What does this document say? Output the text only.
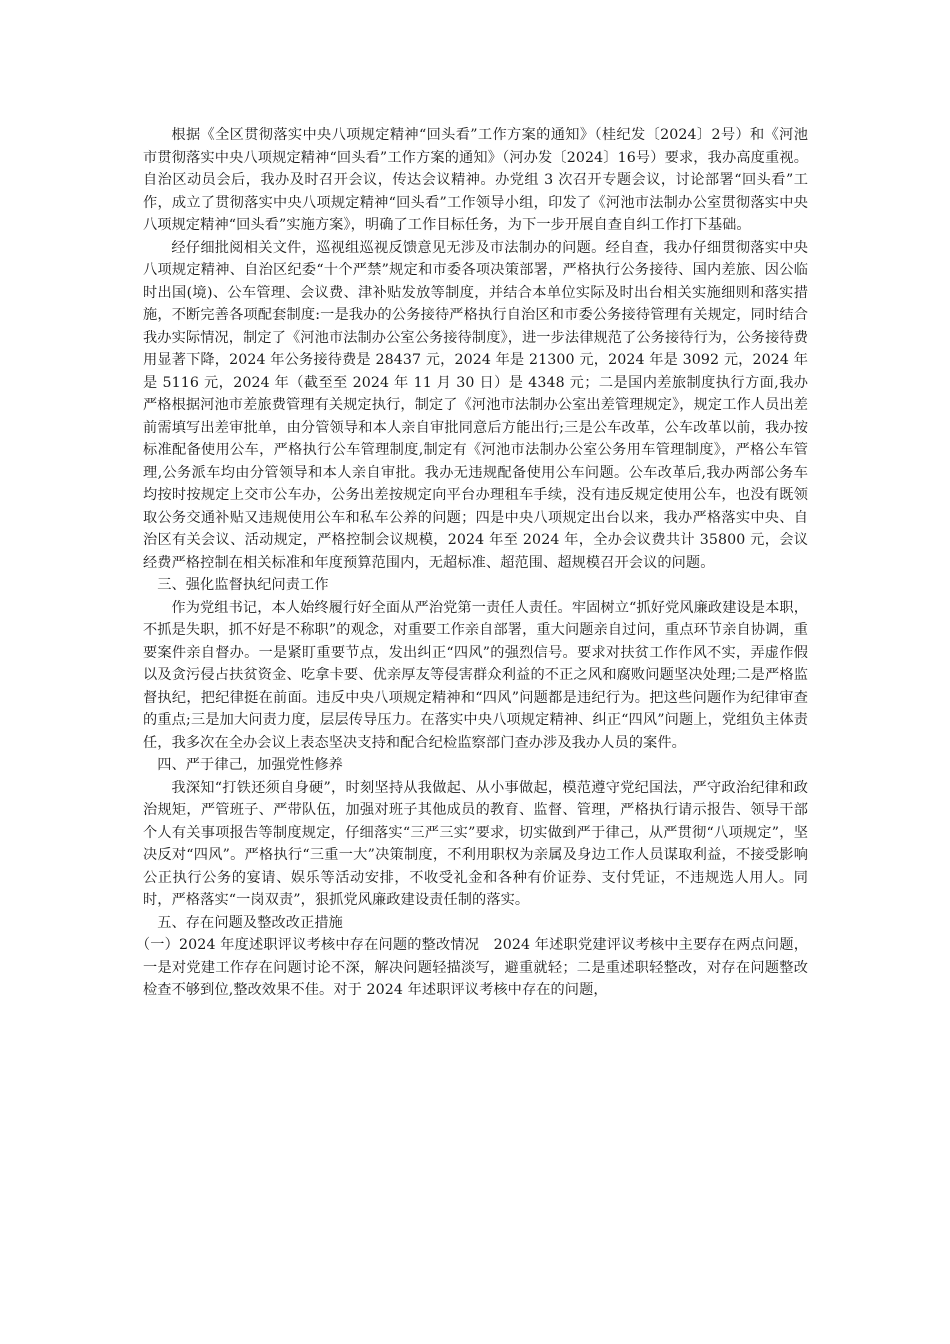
根据《全区贯彻落实中央八项规定精神“回头看”工作方案的通知》（桂纪发〔2024〕2号）和《河池市贯彻落实中央八项规定精神“回头看”工作方案的通知》（河办发〔2024〕16号）要求，我办高度重视。自治区动员会后，我办及时召开会议，传达会议精神。办党组 3 次召开专题会议，讨论部署“回头看”工作，成立了贯彻落实中央八项规定精神“回头看”工作领导小组，印发了《河池市法制办公室贯彻落实中央八项规定精神“回头看”实施方案》，明确了工作目标任务，为下一步开展自查自纠工作打下基础。

经仔细批阅相关文件，巡视组巡视反馈意见无涉及市法制办的问题。经自查，我办仔细贯彻落实中央八项规定精神、自治区纪委“十个严禁”规定和市委各项决策部署，严格执行公务接待、国内差旅、因公临时出国(境)、公车管理、会议费、津补贴发放等制度，并结合本单位实际及时出台相关实施细则和落实措施，不断完善各项配套制度:一是我办的公务接待严格执行自治区和市委公务接待管理有关规定，同时结合我办实际情况，制定了《河池市法制办公室公务接待制度》，进一步法律规范了公务接待行为，公务接待费用显著下降，2024 年公务接待费是 28437 元，2024 年是 21300 元，2024 年是 3092 元，2024 年是 5116 元，2024 年（截至至 2024 年 11 月 30 日）是 4348 元；二是国内差旅制度执行方面,我办严格根据河池市差旅费管理有关规定执行，制定了《河池市法制办公室出差管理规定》，规定工作人员出差前需填写出差审批单，由分管领导和本人亲自审批同意后方能出行;三是公车改革，公车改革以前，我办按标准配备使用公车，严格执行公车管理制度,制定有《河池市法制办公室公务用车管理制度》，严格公车管理,公务派车均由分管领导和本人亲自审批。我办无违规配备使用公车问题。公车改革后,我办两部公务车均按时按规定上交市公车办，公务出差按规定向平台办理租车手续，没有违反规定使用公车，也没有既领取公务交通补贴又违规使用公车和私车公养的问题；四是中央八项规定出台以来，我办严格落实中央、自治区有关会议、活动规定，严格控制会议规模，2024 年至 2024 年，全办会议费共计 35800 元，会议经费严格控制在相关标准和年度预算范围内，无超标准、超范围、超规模召开会议的问题。

三、强化监督执纪问责工作

作为党组书记，本人始终履行好全面从严治党第一责任人责任。牢固树立“抓好党风廉政建设是本职，不抓是失职，抓不好是不称职”的观念，对重要工作亲自部署，重大问题亲自过问，重点环节亲自协调，重要案件亲自督办。一是紧盯重要节点，发出纠正“四风”的强烈信号。要求对扶贫工作作风不实，弄虚作假以及贪污侵占扶贫资金、吃拿卡要、优亲厚友等侵害群众利益的不正之风和腐败问题坚决处理;二是严格监督执纪，把纪律挺在前面。违反中央八项规定精神和“四风”问题都是违纪行为。把这些问题作为纪律审查的重点;三是加大问责力度，层层传导压力。在落实中央八项规定精神、纠正“四风”问题上，党组负主体责任，我多次在全办会议上表态坚决支持和配合纪检监察部门查办涉及我办人员的案件。

四、严于律己，加强党性修养

我深知“打铁还须自身硬”，时刻坚持从我做起、从小事做起，模范遵守党纪国法，严守政治纪律和政治规矩，严管班子、严带队伍，加强对班子其他成员的教育、监督、管理，严格执行请示报告、领导干部个人有关事项报告等制度规定，仔细落实“三严三实”要求，切实做到严于律己，从严贯彻“八项规定”，坚决反对“四风”。严格执行“三重一大”决策制度，不利用职权为亲属及身边工作人员谋取利益，不接受影响公正执行公务的宴请、娱乐等活动安排，不收受礼金和各种有价证券、支付凭证，不违规选人用人。同时，严格落实“一岗双责”，狠抓党风廉政建设责任制的落实。

五、存在问题及整改改正措施

（一）2024 年度述职评议考核中存在问题的整改情况　2024 年述职党建评议考核中主要存在两点问题，一是对党建工作存在问题讨论不深，解决问题轻描淡写，避重就轻；二是重述职轻整改，对存在问题整改检查不够到位,整改效果不佳。对于 2024 年述职评议考核中存在的问题，
